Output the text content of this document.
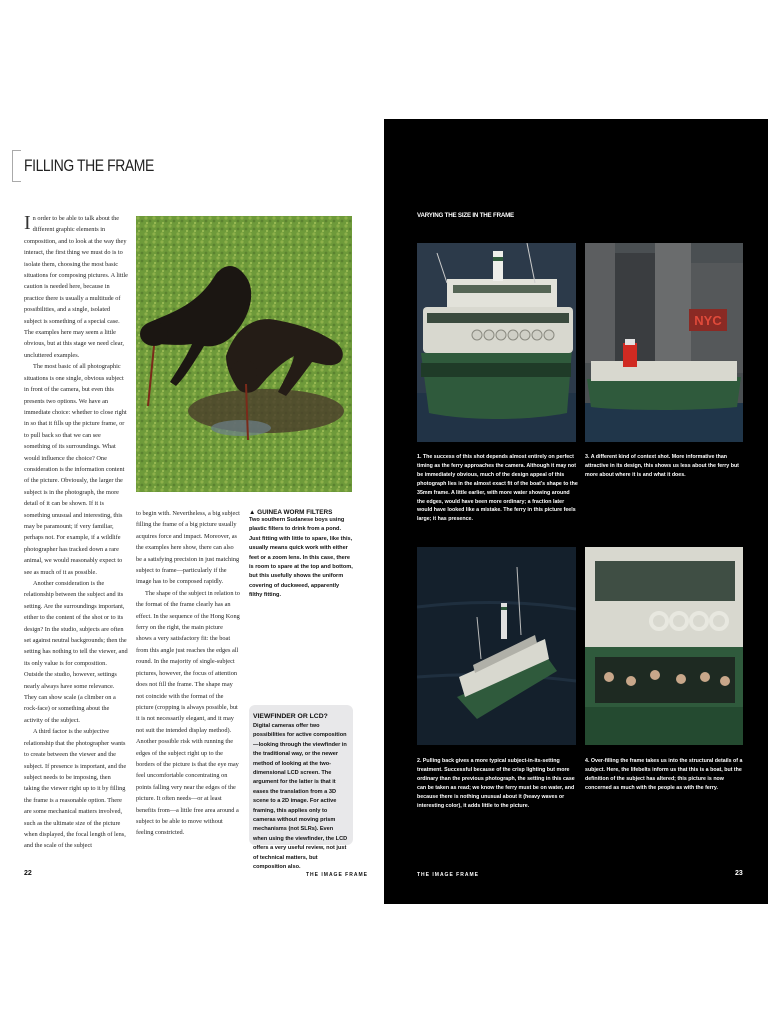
FILLING THE FRAME

In order to be able to talk about the different graphic elements in composition, and to look at the way they interact, the first thing we must do is to isolate them, choosing the most basic situations for composing pictures. A little caution is needed here, because in practice there is usually a multitude of possibilities, and a single, isolated subject is something of a special case. The examples here may seem a little obvious, but at this stage we need clear, uncluttered examples.

The most basic of all photographic situations is one single, obvious subject in front of the camera, but even this presents two options. We have an immediate choice: whether to close right in so that it fills up the picture frame, or to pull back so that we can see something of its surroundings. What would influence the choice? One consideration is the information content of the picture. Obviously, the larger the subject is in the photograph, the more detail of it can be shown. If it is something unusual and interesting, this may be paramount; if very familiar, perhaps not. For example, if a wildlife photographer has tracked down a rare animal, we would reasonably expect to see as much of it as possible.

Another consideration is the relationship between the subject and its setting. Are the surroundings important, either to the content of the shot or to its design? In the studio, subjects are often set against neutral backgrounds; then the setting has nothing to tell the viewer, and its only value is for composition. Outside the studio, however, settings nearly always have some relevance. They can show scale (a climber on a rock-face) or something about the activity of the subject.

A third factor is the subjective relationship that the photographer wants to create between the viewer and the subject. If presence is important, and the subject needs to be imposing, then taking the viewer right up to it by filling the frame is a reasonable option. There are some mechanical matters involved, such as the ultimate size of the picture when displayed, the focal length of lens, and the scale of the subject

to begin with. Nevertheless, a big subject filling the frame of a big picture usually acquires force and impact. Moreover, as the examples here show, there can also be a satisfying precision in just matching subject to frame—particularly if the image has to be composed rapidly.

The shape of the subject in relation to the format of the frame clearly has an effect. In the sequence of the Hong Kong ferry on the right, the main picture shows a very satisfactory fit: the boat from this angle just reaches the edges all round. In the majority of single-subject pictures, however, the focus of attention does not fill the frame. The shape may not coincide with the format of the picture (cropping is always possible, but it is not necessarily elegant, and it may not suit the intended display method). Another possible risk with running the edges of the subject right up to the borders of the picture is that the eye may feel uncomfortable concentrating on points falling very near the edges of the picture. It often needs—or at least benefits from—a little free area around a subject to be able to move without feeling constricted.

▲ GUINEA WORM FILTERS
Two southern Sudanese boys using plastic filters to drink from a pond. Just fitting with little to spare, like this, usually means quick work with either feet or a zoom lens. In this case, there is room to spare at the top and bottom, but this usefully shows the uniform covering of duckweed, apparently filthy fitting.
VIEWFINDER OR LCD?
Digital cameras offer two possibilities for active composition—looking through the viewfinder in the traditional way, or the newer method of looking at the two-dimensional LCD screen. The argument for the latter is that it eases the translation from a 3D scene to a 2D image. For active framing, this applies only to cameras without moving prism mechanisms (not SLRs). Even when using the viewfinder, the LCD offers a very useful review, not just of technical matters, but composition also.
22	THE IMAGE FRAME
VARYING THE SIZE IN THE FRAME
NYC
1. The success of this shot depends almost entirely on perfect timing as the ferry approaches the camera. Although it may not be immediately obvious, much of the design appeal of this photograph lies in the almost exact fit of the boat's shape to the 35mm frame. A little earlier, with more water showing around the edges, would have been more ordinary; a fraction later would have looked like a mistake. The ferry in this picture feels large; it has presence.
3. A different kind of context shot. More informative than attractive in its design, this shows us less about the ferry but more about where it is and what it does.
2. Pulling back gives a more typical subject-in-its-setting treatment. Successful because of the crisp lighting but more ordinary than the previous photograph, the setting in this case can be taken as read; we know the ferry must be on water, and because there is nothing unusual about it (heavy waves or interesting color), it adds little to the picture.
4. Over-filling the frame takes us into the structural details of a subject. Here, the lifebelts inform us that this is a boat, but the definition of the subject has altered; this picture is now concerned as much with the people as with the ferry.
THE IMAGE FRAME	23
